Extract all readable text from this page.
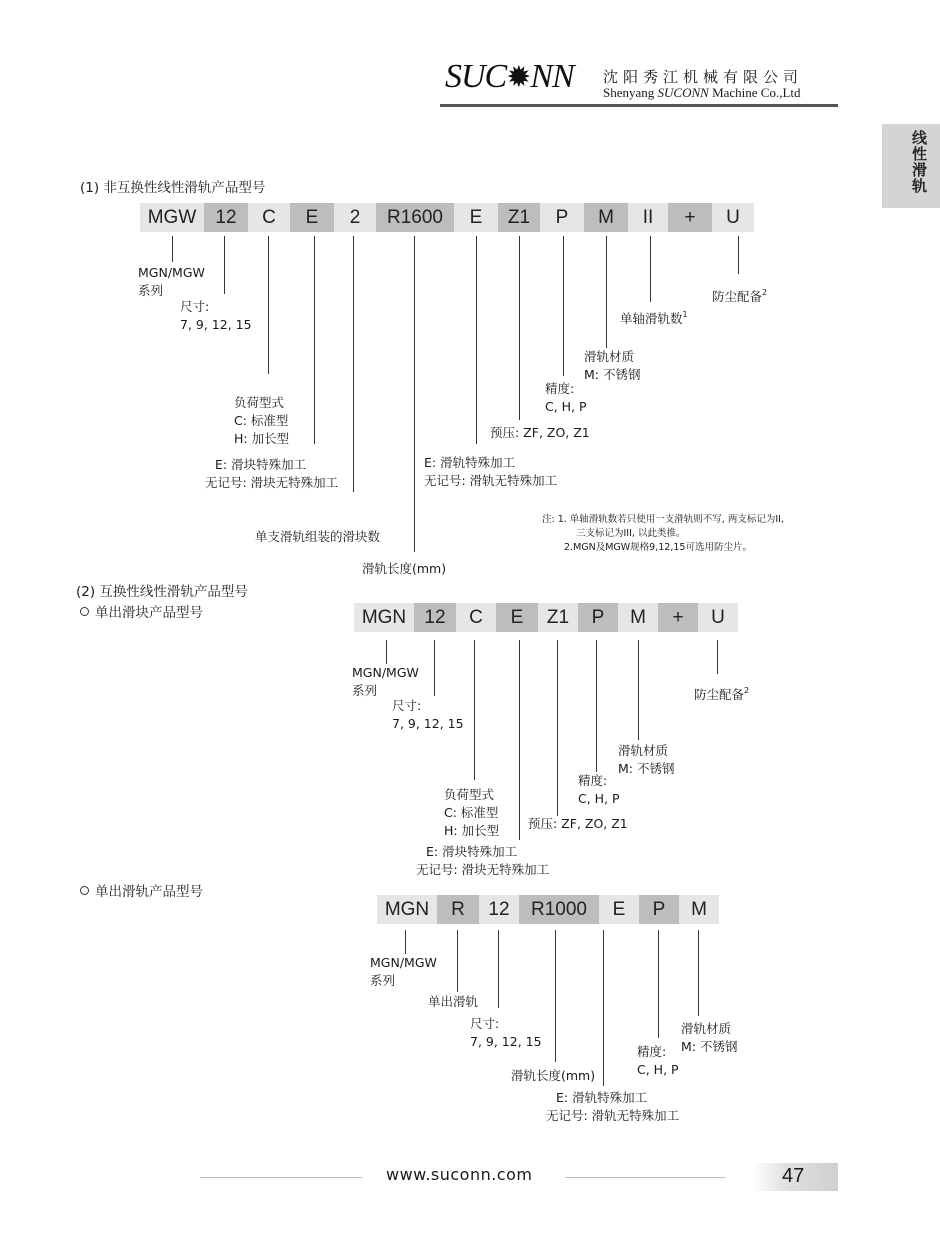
SUC✹NN 沈阳秀江机械有限公司
Shenyang SUCONN Machine Co.,Ltd
线性滑轨
(1) 非互换性线性滑轨产品型号
MGW	12	C	E	2	R1600	E	Z1	P	M	II	+	U
MGN/MGW
系列
尺寸:
7, 9, 12, 15
负荷型式
C: 标准型
H: 加长型
E: 滑块特殊加工
无记号: 滑块无特殊加工
单支滑轨组装的滑块数
滑轨长度(mm)
E: 滑轨特殊加工
无记号: 滑轨无特殊加工
预压: ZF, ZO, Z1
精度:
C, H, P
滑轨材质
M: 不锈钢
单轴滑轨数$^1$
防尘配备$^2$
注: 1. 单轴滑轨数若只使用一支滑轨则不写, 两支标记为II,
三支标记为III, 以此类推。
2.MGN及MGW规格9,12,15可选用防尘片。
(2) 互换性线性滑轨产品型号
单出滑块产品型号	MGN 12	C	E	Z1	P	M	+	U
MGN/MGW
系列
尺寸:
7, 9, 12, 15
负荷型式
C: 标准型
H: 加长型
E: 滑块特殊加工
无记号: 滑块无特殊加工
预压: ZF, ZO, Z1
精度:
C, H, P
滑轨材质
M: 不锈钢
防尘配备$^2$
单出滑轨产品型号
MGN	R	12	R1000	E	P	M
MGN/MGW
系列
单出滑轨
尺寸:
7, 9, 12, 15
滑轨长度(mm)
E: 滑轨特殊加工
无记号: 滑轨无特殊加工
精度:
C, H, P
滑轨材质
M: 不锈钢
www.suconn.com	47
